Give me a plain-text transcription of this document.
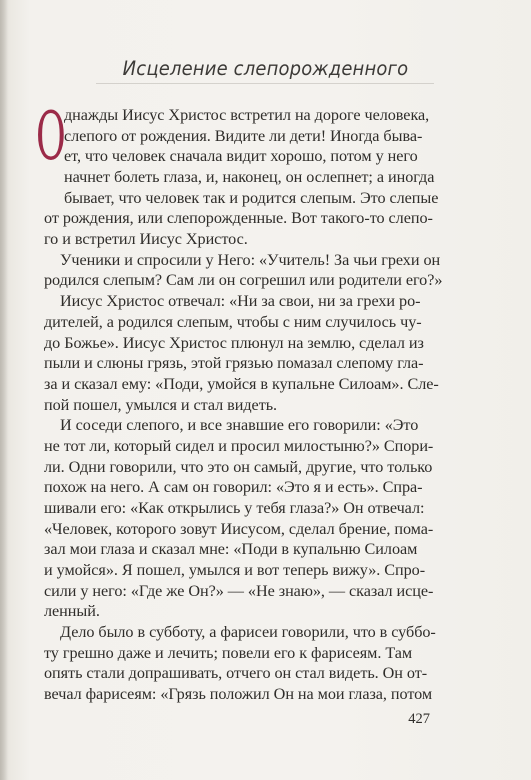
Исцеление слепорожденного
О
днажды Иисус Христос встретил на дороге человека,
слепого от рождения. Видите ли дети! Иногда быва-
ет, что человек сначала видит хорошо, потом у него
начнет болеть глаза, и, наконец, он ослепнет; а иногда
бывает, что человек так и родится слепым. Это слепые
от рождения, или слепорожденные. Вот такого-то слепо-
го и встретил Иисус Христос.
Ученики и спросили у Него: «Учитель! За чьи грехи он
родился слепым? Сам ли он согрешил или родители его?»
Иисус Христос отвечал: «Ни за свои, ни за грехи ро-
дителей, а родился слепым, чтобы с ним случилось чу-
до Божье». Иисус Христос плюнул на землю, сделал из
пыли и слюны грязь, этой грязью помазал слепому гла-
за и сказал ему: «Поди, умойся в купальне Силоам». Сле-
пой пошел, умылся и стал видеть.
И соседи слепого, и все знавшие его говорили: «Это
не тот ли, который сидел и просил милостыню?» Спори-
ли. Одни говорили, что это он самый, другие, что только
похож на него. А сам он говорил: «Это я и есть». Спра-
шивали его: «Как открылись у тебя глаза?» Он отвечал:
«Человек, которого зовут Иисусом, сделал брение, пома-
зал мои глаза и сказал мне: «Поди в купальню Силоам
и умойся». Я пошел, умылся и вот теперь вижу». Спро-
сили у него: «Где же Он?» — «Не знаю», — сказал исце-
ленный.
Дело было в субботу, а фарисеи говорили, что в суббо-
ту грешно даже и лечить; повели его к фарисеям. Там
опять стали допрашивать, отчего он стал видеть. Он от-
вечал фарисеям: «Грязь положил Он на мои глаза, потом
427
